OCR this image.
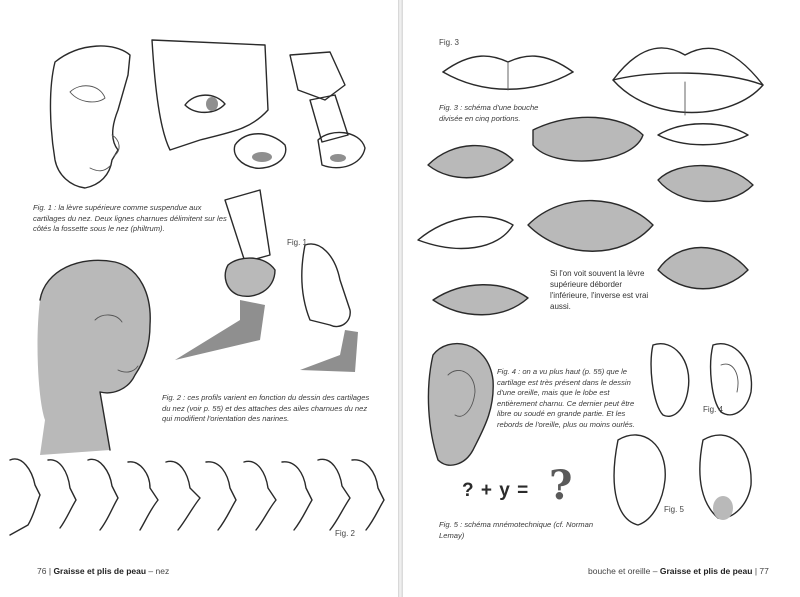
Fig. 1 : la lèvre supérieure comme suspendue aux cartilages du nez. Deux lignes charnues délimitent sur les côtés la fossette sous le nez (philtrum).
Fig. 1
Fig. 2 : ces profils varient en fonction du dessin des cartilages du nez (voir p. 55) et des attaches des ailes charnues du nez qui modifient l'orientation des narines.
Fig. 2
76 | Graisse et plis de peau – nez
Fig. 3
Fig. 3 : schéma d'une bouche divisée en cinq portions.
Si l'on voit souvent la lèvre supérieure déborder l'inférieure, l'inverse est vrai aussi.
Fig. 4 : on a vu plus haut (p. 55) que le cartilage est très présent dans le dessin d'une oreille, mais que le lobe est entièrement charnu. Ce dernier peut être libre ou soudé en grande partie. Et les rebords de l'oreille, plus ou moins ourlés.
Fig. 4
? + y = ?
Fig. 5 : schéma mnémotechnique (cf. Norman Lemay)
Fig. 5
bouche et oreille – Graisse et plis de peau | 77
